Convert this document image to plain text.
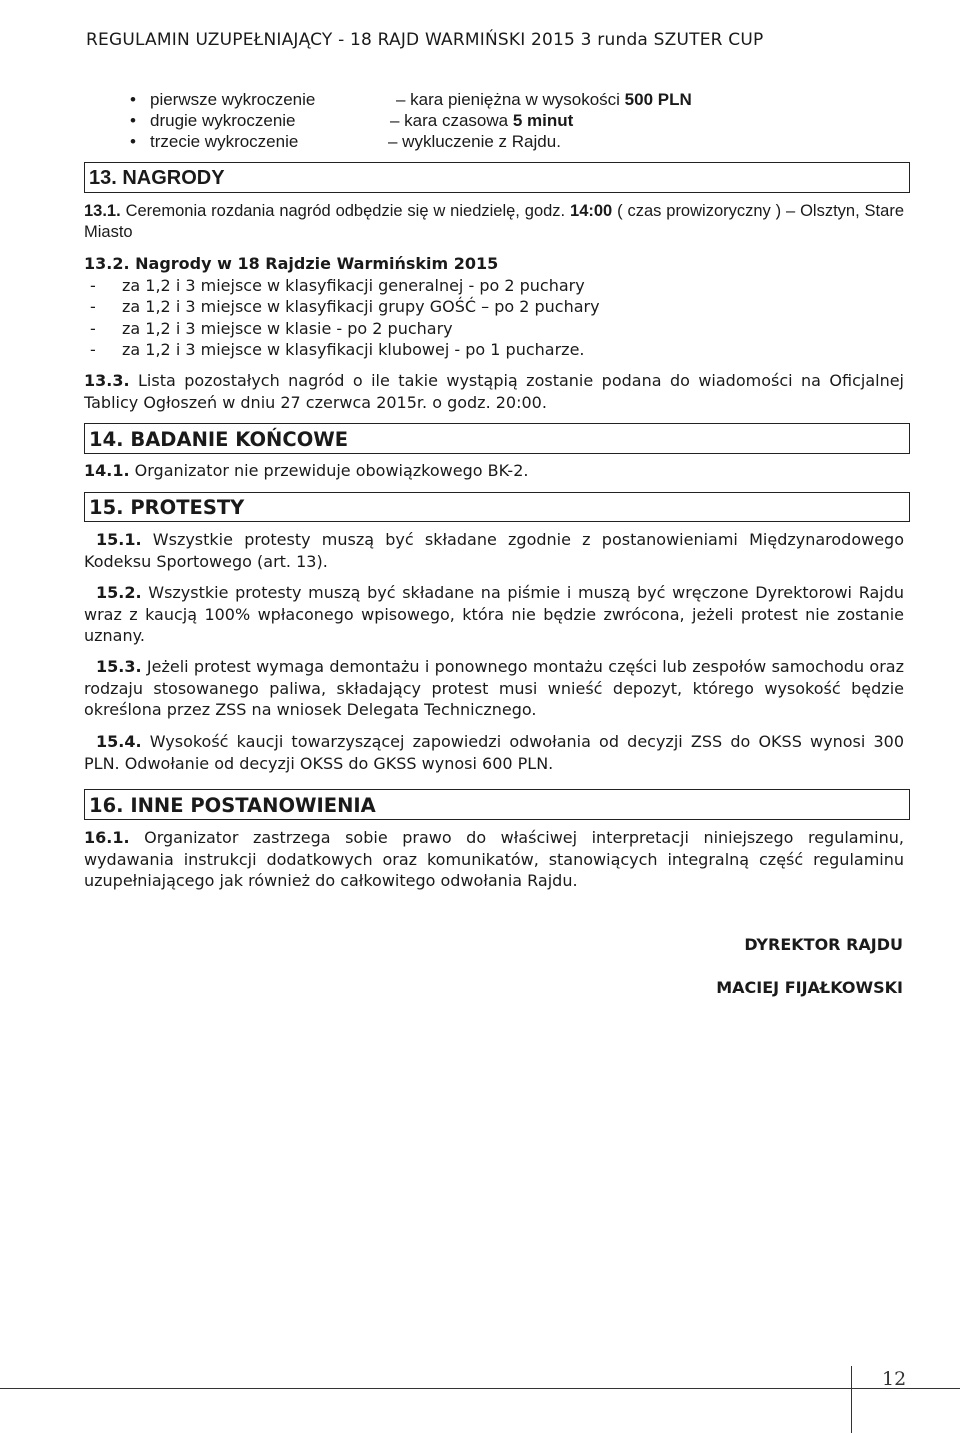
REGULAMIN UZUPEŁNIAJĄCY - 18 RAJD WARMIŃSKI 2015 3 runda SZUTER CUP
• pierwsze wykroczenie	– kara pieniężna w wysokości 500 PLN
• drugie wykroczenie	– kara czasowa 5 minut
• trzecie wykroczenie	– wykluczenie z Rajdu.
13. NAGRODY
13.1. Ceremonia rozdania nagród odbędzie się w niedzielę, godz. 14:00 ( czas prowizoryczny ) – Olsztyn, Stare Miasto
13.2. Nagrody w 18 Rajdzie Warmińskim 2015
- za 1,2 i 3 miejsce w klasyfikacji generalnej - po 2 puchary
- za 1,2 i 3 miejsce w klasyfikacji grupy GOŚĆ – po 2 puchary
- za 1,2 i 3 miejsce w klasie - po 2 puchary
- za 1,2 i 3 miejsce w klasyfikacji klubowej - po 1 pucharze.
13.3. Lista pozostałych nagród o ile takie wystąpią zostanie podana do wiadomości na Oficjalnej Tablicy Ogłoszeń w dniu 27 czerwca 2015r. o godz. 20:00.
14. BADANIE KOŃCOWE
14.1. Organizator nie przewiduje obowiązkowego BK-2.
15. PROTESTY
15.1. Wszystkie protesty muszą być składane zgodnie z postanowieniami Międzynarodowego Kodeksu Sportowego (art. 13).
15.2. Wszystkie protesty muszą być składane na piśmie i muszą być wręczone Dyrektorowi Rajdu wraz z kaucją 100% wpłaconego wpisowego, która nie będzie zwrócona, jeżeli protest nie zostanie uznany.
15.3. Jeżeli protest wymaga demontażu i ponownego montażu części lub zespołów samochodu oraz rodzaju stosowanego paliwa, składający protest musi wnieść depozyt, którego wysokość będzie określona przez ZSS na wniosek Delegata Technicznego.
15.4. Wysokość kaucji towarzyszącej zapowiedzi odwołania od decyzji ZSS do OKSS wynosi 300 PLN. Odwołanie od decyzji OKSS do GKSS wynosi 600 PLN.
16. INNE POSTANOWIENIA
16.1. Organizator zastrzega sobie prawo do właściwej interpretacji niniejszego regulaminu, wydawania instrukcji dodatkowych oraz komunikatów, stanowiących integralną część regulaminu uzupełniającego jak również do całkowitego odwołania Rajdu.
DYREKTOR RAJDU
MACIEJ FIJAŁKOWSKI
12
